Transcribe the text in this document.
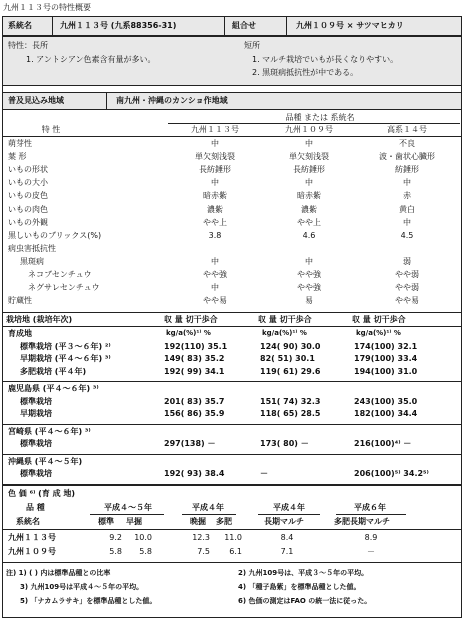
九州１１３号の特性概要
系統名	九州１１３号 (九系88356-31)	組合せ	九州１０９号 × サツマヒカリ
特性：長所
1. アントシアン色素含有量が多い。
短所
1. マルチ栽培でいもが長くなりやすい。
2. 黒斑病抵抗性が中である。
普及見込み地域	南九州・沖縄のカンショ作地域
品種 または 系統名
特 性	九州１１３号	九州１０９号	高系１４号
萌芽性	中	中	不良
葉 形	単欠刻浅裂	単欠刻浅裂	波・歯状心臓形
いもの形状	長紡錘形	長紡錘形	紡錘形
いもの大小	中	中	中
いもの皮色	暗赤紫	暗赤紫	赤
いもの肉色	濃紫	濃紫	黄白
いもの外観	やや上	やや上	中
黒しいものブリックス(%)	3.8	4.6	4.5
病虫害抵抗性
黒斑病	中	中	弱
ネコブセンチュウ	やや強	やや強	やや弱
ネグサレセンチュウ	中	やや強	やや弱
貯蔵性	やや易	易	やや易
栽培地 (栽培年次)	収 量 切干歩合	収 量 切干歩合	収 量 切干歩合
育成地	kg/a(%)¹⁾ %	kg/a(%)¹⁾ %	kg/a(%)¹⁾ %
標準栽培 (平３～６年) ²⁾	192(110) 35.1	124( 90) 30.0	174(100) 32.1
早期栽培 (平４～６年) ³⁾	149( 83) 35.2	82( 51) 30.1	179(100) 33.4
多肥栽培 (平４年)	192( 99) 34.1	119( 61) 29.6	194(100) 31.0
鹿児島県 (平４～６年) ³⁾
標準栽培	201( 83) 35.7	151( 74) 32.3	243(100) 35.0
早期栽培	156( 86) 35.9	118( 65) 28.5	182(100) 34.4
宮崎県 (平４～６年) ³⁾
標準栽培	297(138) －	173( 80) －	216(100)⁴⁾ －
沖縄県 (平４～５年)
標準栽培	192( 93) 38.4	－	206(100)⁵⁾ 34.2⁵⁾
色 価 ⁶⁾ (育 成 地)
品 種	平成４～５年	平成４年	平成４年	平成６年
系統名	標準 早掘	晩掘 多肥	長期マルチ	多肥長期マルチ
九州１１３号	9.2	10.0	12.3	11.0	8.4	8.9
九州１０９号	5.8	5.8	7.5	6.1	7.1	－
注) 1) ( ) 内は標準品種との比率	2) 九州109号は、平成３～５年の平均。
3) 九州109号は平成４～５年の平均。	4) 「種子島紫」を標準品種とした値。
5) 「ナカムラサキ」を標準品種とした値。	6) 色価の測定はFAO の統一法に従った。
